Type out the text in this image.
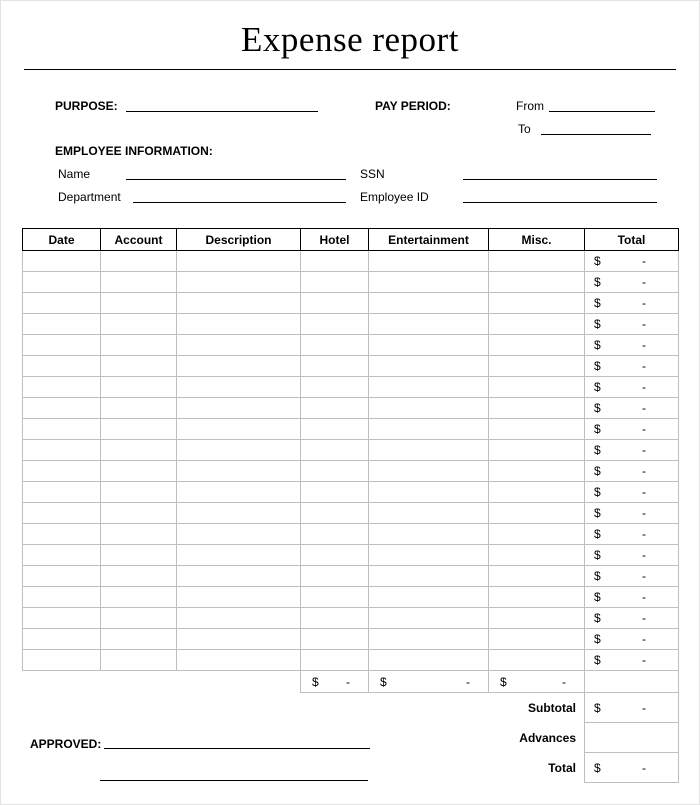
Expense report
PURPOSE:	PAY PERIOD:	From
To
EMPLOYEE INFORMATION:
Name	SSN
Department	Employee ID
Date	Account	Description	Hotel	Entertainment	Misc.	Total

						$ -

						$ -

						$ -

						$ -

						$ -

						$ -

						$ -

						$ -

						$ -

						$ -

						$ -

						$ -

						$ -

						$ -

						$ -

						$ -

						$ -

						$ -

						$ -

						$ -

			$ -	$ -	$ -	

Subtotal						$ -

Advances						
Total						$ -
APPROVED:
